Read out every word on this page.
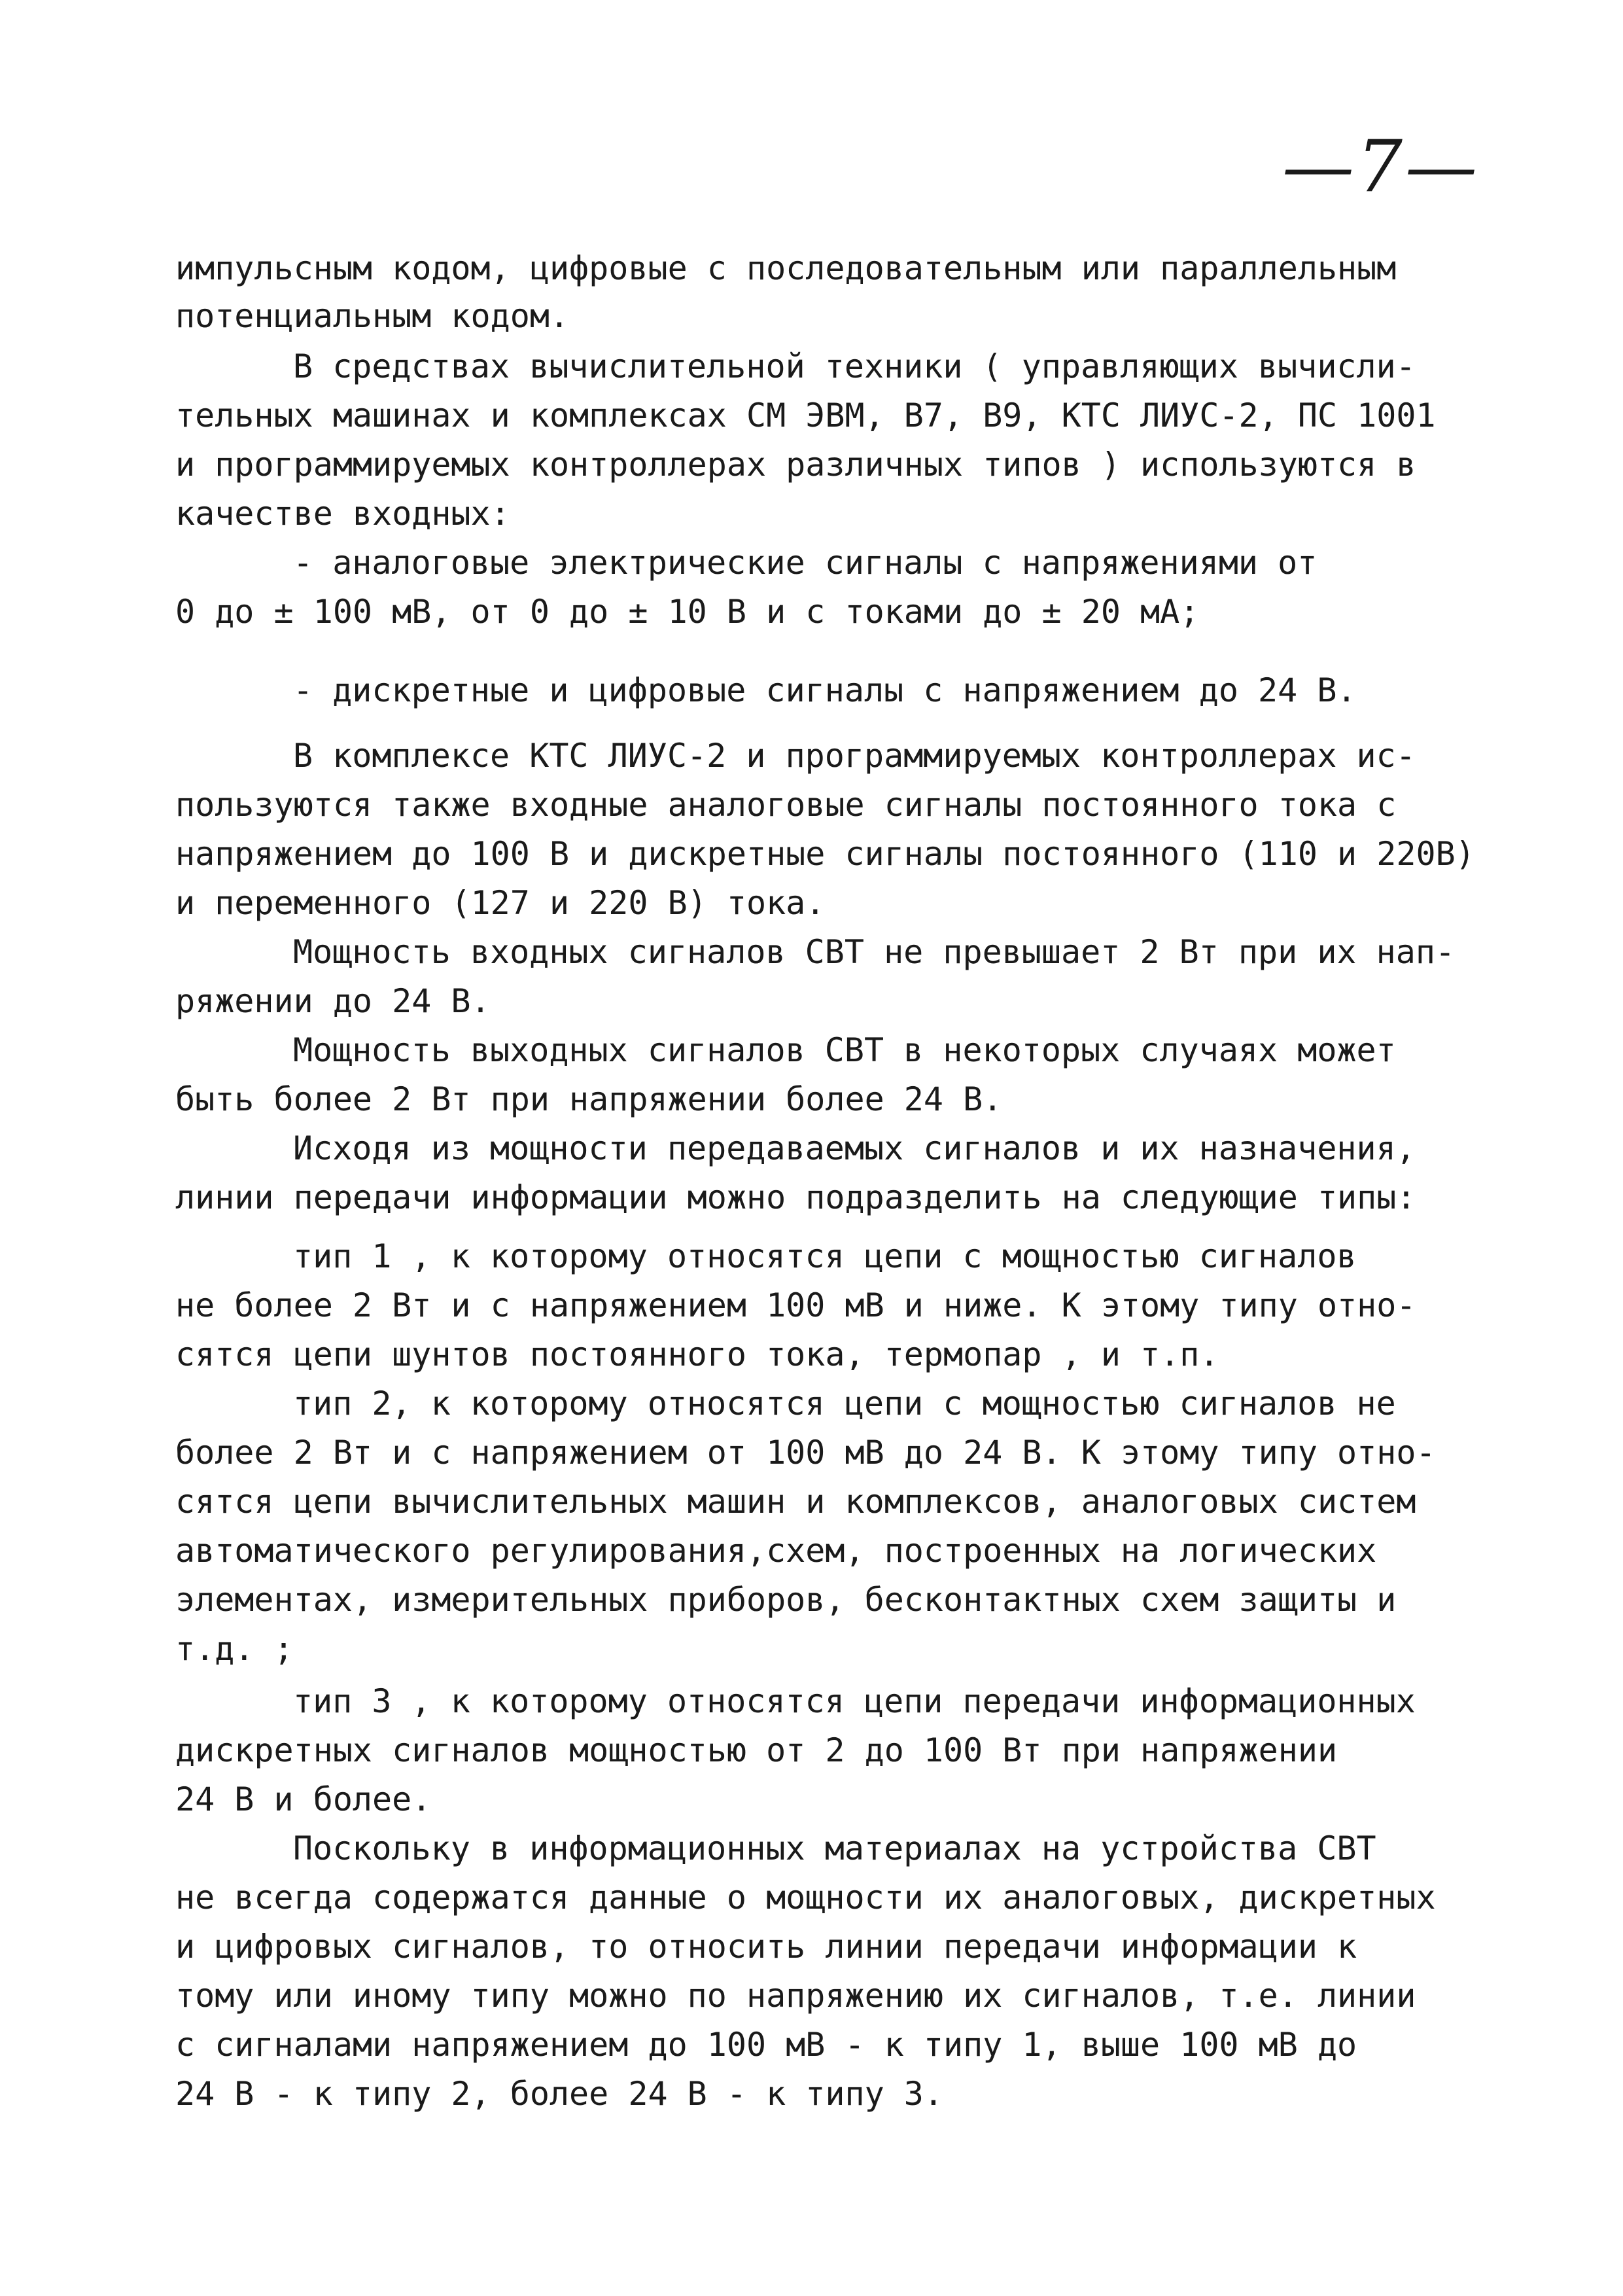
—7—
импульсным кодом, цифровые с последовательным или параллельным
потенциальным кодом.
В средствах вычислительной техники ( управляющих вычисли-
тельных машинах и комплексах СМ ЭВМ, В7, В9, КТС ЛИУС-2, ПС 1001
и программируемых контроллерах различных типов ) используются в
качестве входных:
- аналоговые электрические сигналы с напряжениями от
0 до ± 100 мВ, от 0 до ± 10 В и с токами до ± 20 мА;
- дискретные и цифровые сигналы с напряжением до 24 В.
В комплексе КТС ЛИУС-2 и программируемых контроллерах ис-
пользуются также входные аналоговые сигналы постоянного тока с
напряжением до 100 В и дискретные сигналы постоянного (110 и 220В)
и переменного (127 и 220 В) тока.
Мощность входных сигналов СВТ не превышает 2 Вт при их нап-
ряжении до 24 В.
Мощность выходных сигналов СВТ в некоторых случаях может
быть более 2 Вт при напряжении более 24 В.
Исходя из мощности передаваемых сигналов и их назначения,
линии передачи информации можно подразделить на следующие типы:
тип 1 , к которому относятся цепи с мощностью сигналов
не более 2 Вт и с напряжением 100 мВ и ниже. К этому типу отно-
сятся цепи шунтов постоянного тока, термопар , и т.п.
тип 2, к которому относятся цепи с мощностью сигналов не
более 2 Вт и с напряжением от 100 мВ до 24 В. К этому типу отно-
сятся цепи вычислительных машин и комплексов, аналоговых систем
автоматического регулирования,схем, построенных на логических
элементах, измерительных приборов, бесконтактных схем защиты и
т.д. ;
тип 3 , к которому относятся цепи передачи информационных
дискретных сигналов мощностью от 2 до 100 Вт при напряжении
24 В и более.
Поскольку в информационных материалах на устройства СВТ
не всегда содержатся данные о мощности их аналоговых, дискретных
и цифровых сигналов, то относить линии передачи информации к
тому или иному типу можно по напряжению их сигналов, т.е. линии
с сигналами напряжением до 100 мВ - к типу 1, выше 100 мВ до
24 В - к типу 2, более 24 В - к типу 3.
